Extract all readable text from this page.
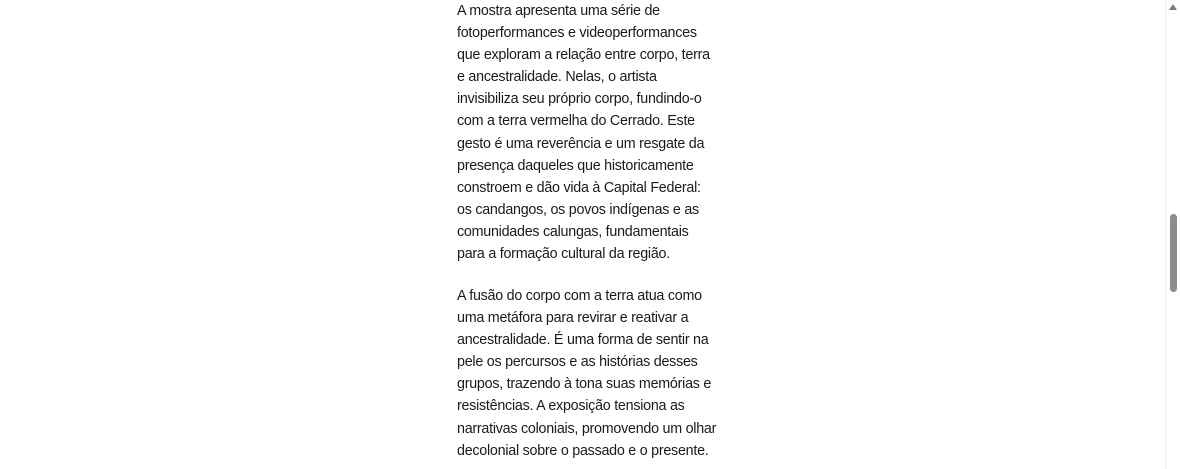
A mostra apresenta uma série de
fotoperformances e videoperformances
que exploram a relação entre corpo, terra
e ancestralidade. Nelas, o artista
invisibiliza seu próprio corpo, fundindo-o
com a terra vermelha do Cerrado. Este
gesto é uma reverência e um resgate da
presença daqueles que historicamente
constroem e dão vida à Capital Federal:
os candangos, os povos indígenas e as
comunidades calungas, fundamentais
para a formação cultural da região.

A fusão do corpo com a terra atua como
uma metáfora para revirar e reativar a
ancestralidade. É uma forma de sentir na
pele os percursos e as histórias desses
grupos, trazendo à tona suas memórias e
resistências. A exposição tensiona as
narrativas coloniais, promovendo um olhar
decolonial sobre o passado e o presente.
